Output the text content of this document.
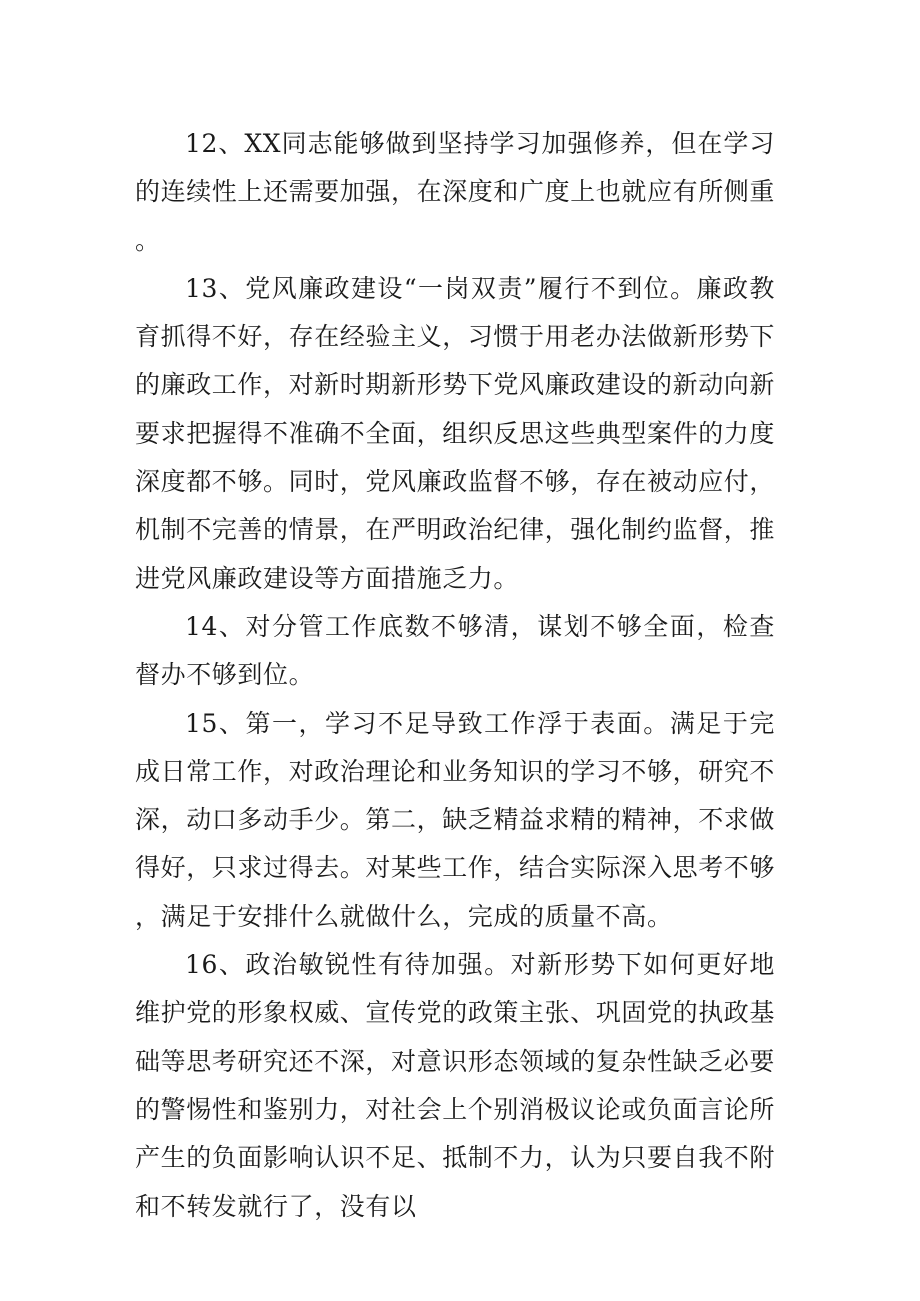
12、XX同志能够做到坚持学习加强修养，但在学习的连续性上还需要加强，在深度和广度上也就应有所侧重。

13、党风廉政建设“一岗双责”履行不到位。廉政教育抓得不好，存在经验主义，习惯于用老办法做新形势下的廉政工作，对新时期新形势下党风廉政建设的新动向新要求把握得不准确不全面，组织反思这些典型案件的力度深度都不够。同时，党风廉政监督不够，存在被动应付，机制不完善的情景，在严明政治纪律，强化制约监督，推进党风廉政建设等方面措施乏力。

14、对分管工作底数不够清，谋划不够全面，检查督办不够到位。

15、第一，学习不足导致工作浮于表面。满足于完成日常工作，对政治理论和业务知识的学习不够，研究不深，动口多动手少。第二，缺乏精益求精的精神，不求做得好，只求过得去。对某些工作，结合实际深入思考不够，满足于安排什么就做什么，完成的质量不高。

16、政治敏锐性有待加强。对新形势下如何更好地维护党的形象权威、宣传党的政策主张、巩固党的执政基础等思考研究还不深，对意识形态领域的复杂性缺乏必要的警惕性和鉴别力，对社会上个别消极议论或负面言论所产生的负面影响认识不足、抵制不力，认为只要自我不附和不转发就行了，没有以
